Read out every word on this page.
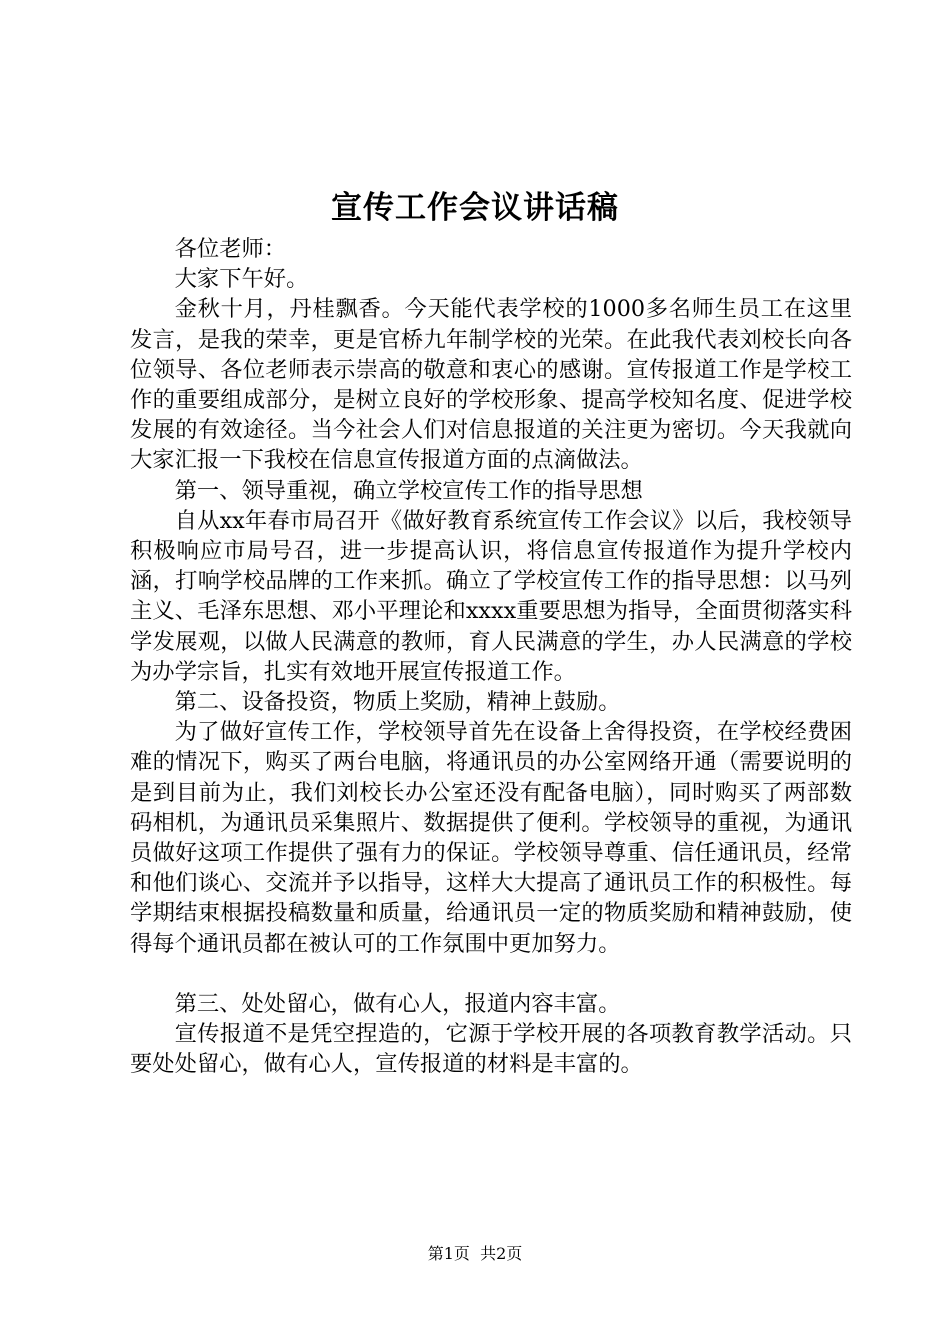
宣传工作会议讲话稿

各位老师：

大家下午好。

金秋十月，丹桂飘香。今天能代表学校的1000多名师生员工在这里发言，是我的荣幸，更是官桥九年制学校的光荣。在此我代表刘校长向各位领导、各位老师表示崇高的敬意和衷心的感谢。宣传报道工作是学校工作的重要组成部分，是树立良好的学校形象、提高学校知名度、促进学校发展的有效途径。当今社会人们对信息报道的关注更为密切。今天我就向大家汇报一下我校在信息宣传报道方面的点滴做法。

第一、领导重视，确立学校宣传工作的指导思想

自从xx年春市局召开《做好教育系统宣传工作会议》以后，我校领导积极响应市局号召，进一步提高认识，将信息宣传报道作为提升学校内涵，打响学校品牌的工作来抓。确立了学校宣传工作的指导思想：以马列主义、毛泽东思想、邓小平理论和xxxx重要思想为指导，全面贯彻落实科学发展观，以做人民满意的教师，育人民满意的学生，办人民满意的学校为办学宗旨，扎实有效地开展宣传报道工作。

第二、设备投资，物质上奖励，精神上鼓励。

为了做好宣传工作，学校领导首先在设备上舍得投资，在学校经费困难的情况下，购买了两台电脑，将通讯员的办公室网络开通（需要说明的是到目前为止，我们刘校长办公室还没有配备电脑），同时购买了两部数码相机，为通讯员采集照片、数据提供了便利。学校领导的重视，为通讯员做好这项工作提供了强有力的保证。学校领导尊重、信任通讯员，经常和他们谈心、交流并予以指导，这样大大提高了通讯员工作的积极性。每学期结束根据投稿数量和质量，给通讯员一定的物质奖励和精神鼓励，使得每个通讯员都在被认可的工作氛围中更加努力。

第三、处处留心，做有心人，报道内容丰富。

宣传报道不是凭空捏造的，它源于学校开展的各项教育教学活动。只要处处留心，做有心人，宣传报道的材料是丰富的。

第1页 共2页
